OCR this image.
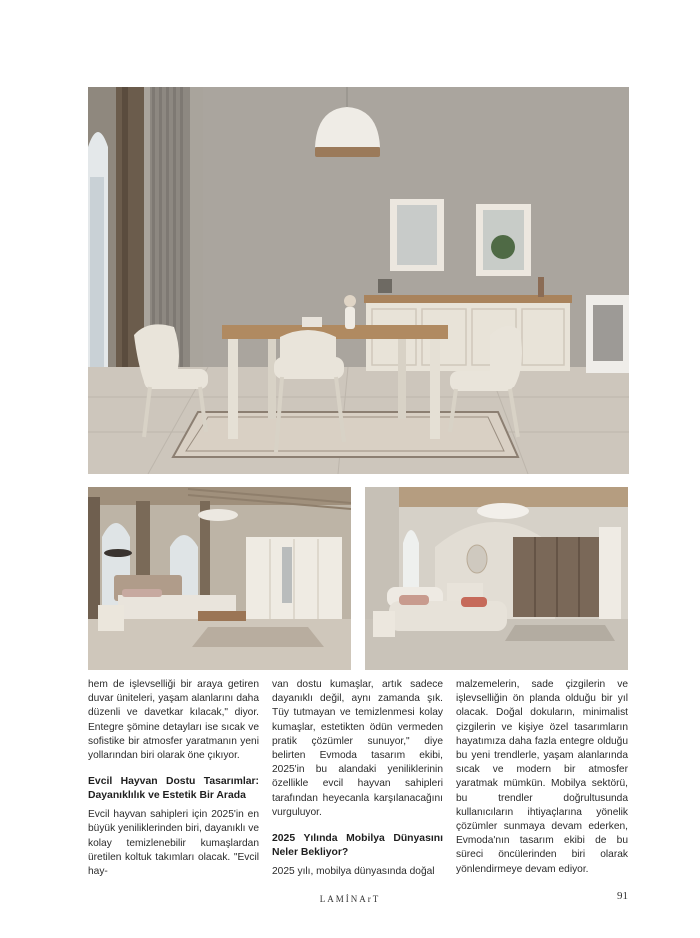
hem de işlevselliği bir araya getiren duvar üniteleri, yaşam alanlarını daha düzenli ve davetkar kılacak," diyor. Entegre şömine detayları ise sıcak ve sofistike bir atmosfer yaratmanın yeni yollarından biri olarak öne çıkıyor.

Evcil Hayvan Dostu Tasarımlar: Dayanıklılık ve Estetik Bir Arada

Evcil hayvan sahipleri için 2025'in en büyük yeniliklerinden biri, dayanıklı ve kolay temizlenebilir kumaşlardan üretilen koltuk takımları olacak. "Evcil hay-

van dostu kumaşlar, artık sadece dayanıklı değil, aynı zamanda şık. Tüy tutmayan ve temizlenmesi kolay kumaşlar, estetikten ödün vermeden pratik çözümler sunuyor," diye belirten Evmoda tasarım ekibi, 2025'in bu alandaki yeniliklerinin özellikle evcil hayvan sahipleri tarafından heyecanla karşılanacağını vurguluyor.

2025 Yılında Mobilya Dünyasını Neler Bekliyor?

2025 yılı, mobilya dünyasında doğal

malzemelerin, sade çizgilerin ve işlevselliğin ön planda olduğu bir yıl olacak. Doğal dokuların, minimalist çizgilerin ve kişiye özel tasarımların hayatımıza daha fazla entegre olduğu bu yeni trendlerle, yaşam alanlarında sıcak ve modern bir atmosfer yaratmak mümkün. Mobilya sektörü, bu trendler doğrultusunda kullanıcıların ihtiyaçlarına yönelik çözümler sunmaya devam ederken, Evmoda'nın tasarım ekibi de bu süreci öncülerinden biri olarak yönlendirmeye devam ediyor.

LAMİNArT	91
